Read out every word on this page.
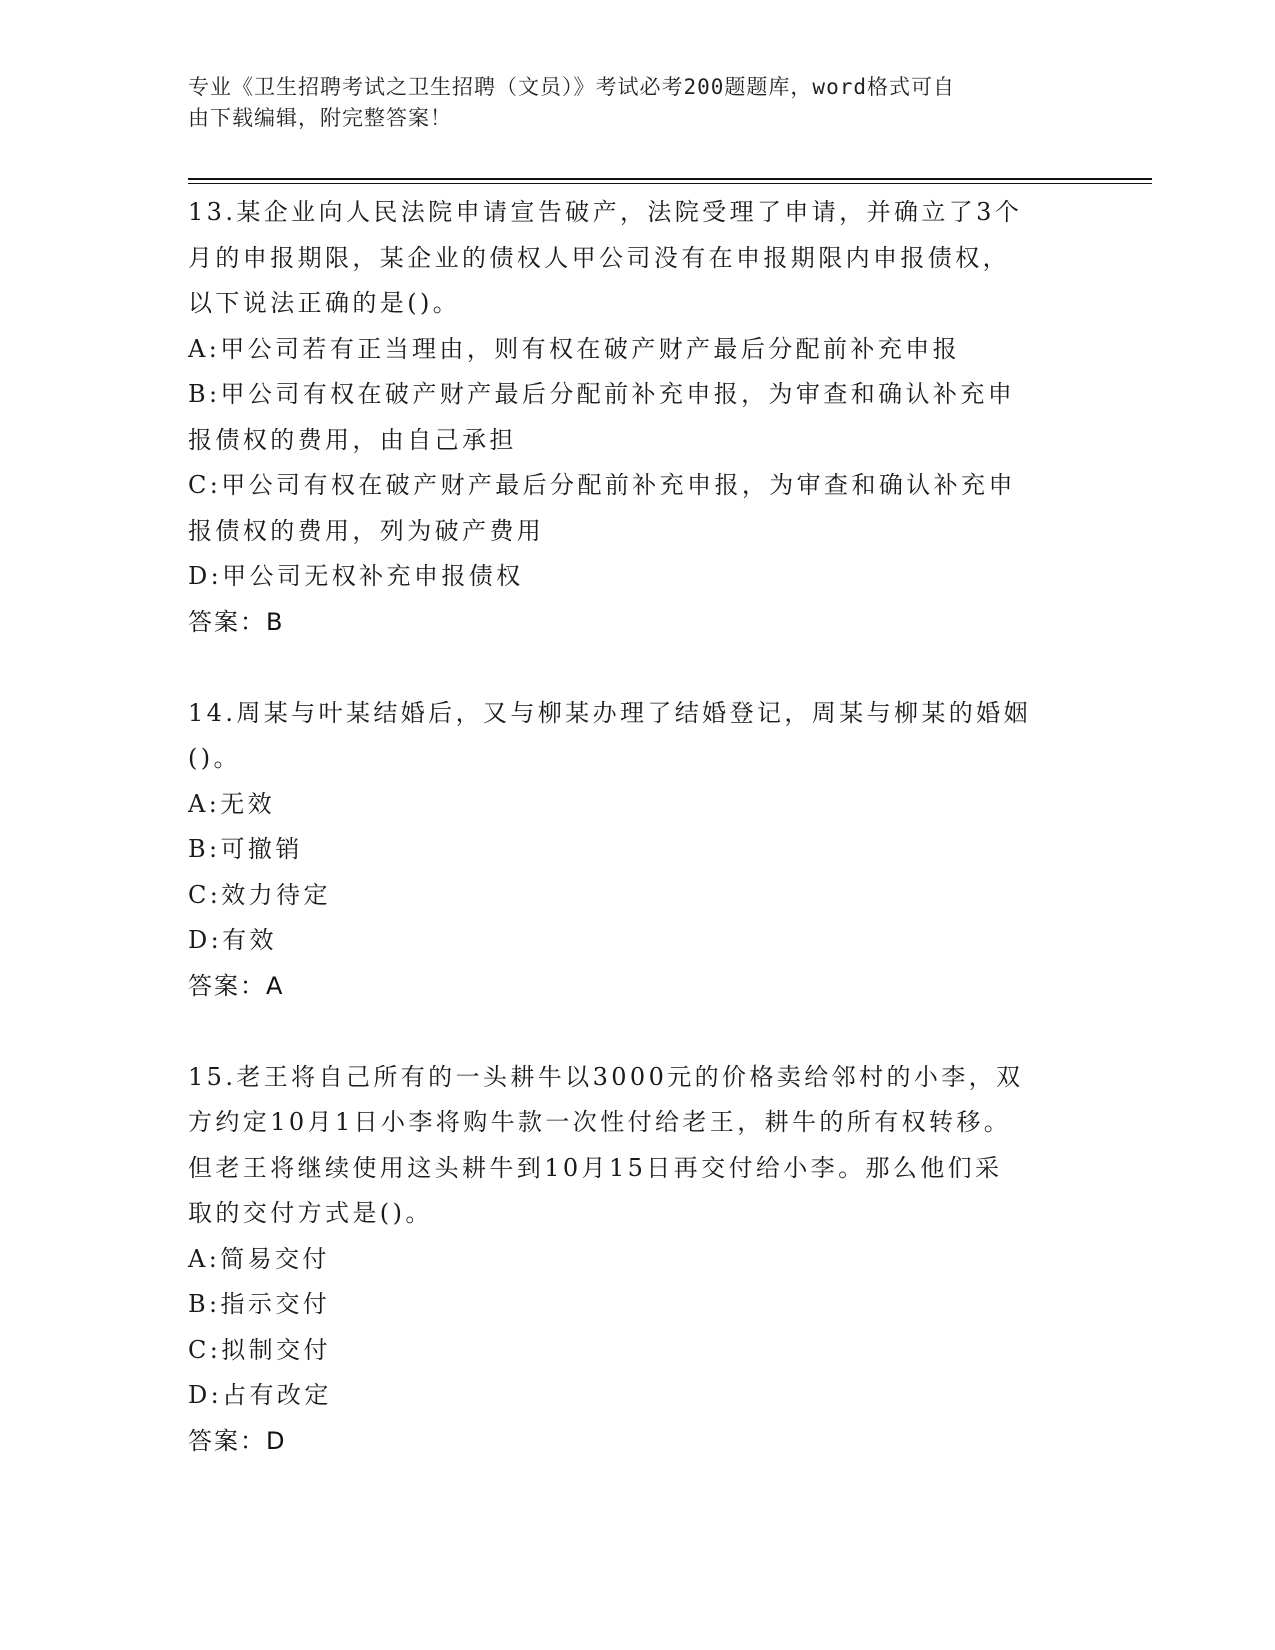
专业《卫生招聘考试之卫生招聘（文员）》考试必考200题题库，word格式可自
由下载编辑，附完整答案！
13.某企业向人民法院申请宣告破产，法院受理了申请，并确立了3个
月的申报期限，某企业的债权人甲公司没有在申报期限内申报债权，
以下说法正确的是()。
A:甲公司若有正当理由，则有权在破产财产最后分配前补充申报
B:甲公司有权在破产财产最后分配前补充申报，为审查和确认补充申
报债权的费用，由自己承担
C:甲公司有权在破产财产最后分配前补充申报，为审查和确认补充申
报债权的费用，列为破产费用
D:甲公司无权补充申报债权
答案：B
14.周某与叶某结婚后，又与柳某办理了结婚登记，周某与柳某的婚姻
()。
A:无效
B:可撤销
C:效力待定
D:有效
答案：A
15.老王将自己所有的一头耕牛以3000元的价格卖给邻村的小李，双
方约定10月1日小李将购牛款一次性付给老王，耕牛的所有权转移。
但老王将继续使用这头耕牛到10月15日再交付给小李。那么他们采
取的交付方式是()。
A:简易交付
B:指示交付
C:拟制交付
D:占有改定
答案：D
